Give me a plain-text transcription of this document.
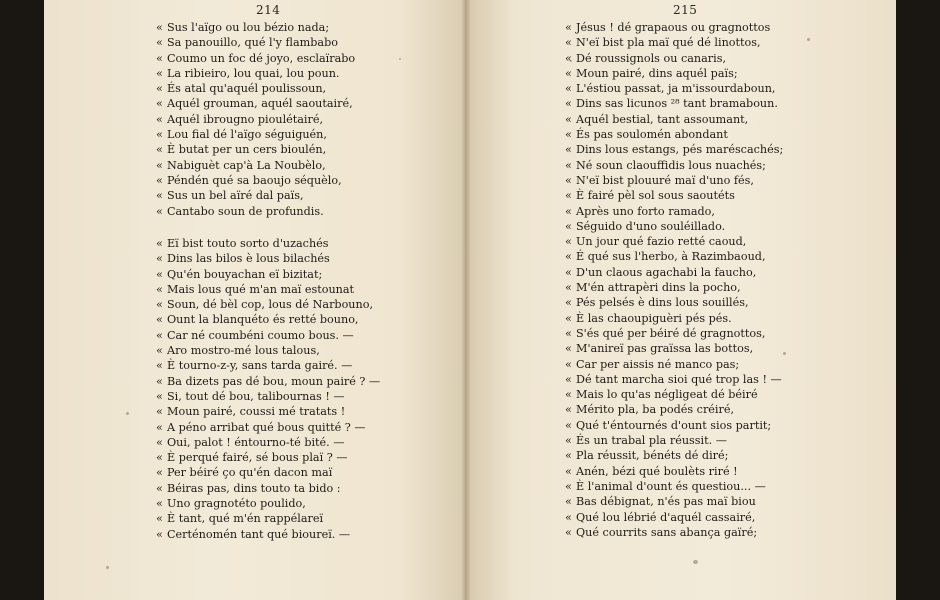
214
« Sus l'aïgo ou lou bézio nada;
« Sa panouillo, qué l'y flambabo
« Coumo un foc dé joyo, esclaïrabo
« La ribieiro, lou quai, lou poun.
« És atal qu'aquél poulissoun,
« Aquél grouman, aquél saoutairé,
« Aquél ibrougno pioulétairé,
« Lou fial dé l'aïgo séguiguén,
« È butat per un cers bioulén,
« Nabiguèt cap'à La Noubèlo,
« Péndén qué sa baoujo séquèlo,
« Sus un bel aïré dal païs,
« Cantabo soun de profundis.
« Eï bist touto sorto d'uzachés
« Dins las bilos è lous bilachés
« Qu'én bouyachan eï bizitat;
« Mais lous qué m'an maï estounat
« Soun, dé bèl cop, lous dé Narbouno,
« Ount la blanquéto és retté bouno,
« Car né coumbéni coumo bous. —
« Aro mostro-mé lous talous,
« È tourno-z-y, sans tarda gairé. —
« Ba dizets pas dé bou, moun pairé ? —
« Si, tout dé bou, talibournas ! —
« Moun pairé, coussi mé tratats !
« A péno arribat qué bous quitté ? —
« Oui, palot ! éntourno-té bité. —
« È perqué fairé, sé bous plaï ? —
« Per béiré ço qu'én dacon maï
« Béiras pas, dins touto ta bido :
« Uno gragnotéto poulido,
« È tant, qué m'én rappélareï
« Certénomén tant qué bioureï. —
215
« Jésus ! dé grapaous ou gragnottos
« N'eï bist pla maï qué dé linottos,
« Dé roussignols ou canaris,
« Moun pairé, dins aquél païs;
« L'éstiou passat, ja m'issourdaboun,
« Dins sas licunos ²⁸ tant bramaboun.
« Aquél bestial, tant assoumant,
« És pas soulomén abondant
« Dins lous estangs, pés maréscachés;
« Né soun claouffidis lous nuachés;
« N'eï bist plouuré maï d'uno fés,
« È fairé pèl sol sous saoutéts
« Après uno forto ramado,
« Séguido d'uno souléillado.
« Un jour qué fazio retté caoud,
« É qué sus l'herbo, à Razimbaoud,
« D'un claous agachabi la faucho,
« M'én attrapèri dins la pocho,
« Pés pelsés è dins lous souillés,
« È las chaoupiguèri pés pés.
« S'és qué per béiré dé gragnottos,
« M'anireï pas graïssa las bottos,
« Car per aissis né manco pas;
« Dé tant marcha sioi qué trop las ! —
« Mais lo qu'as négligeat dé béiré
« Mérito pla, ba podés créiré,
« Qué t'éntournés d'ount sios partit;
« És un trabal pla réussit. —
« Pla réussit, bénéts dé diré;
« Anén, bézi qué boulèts riré !
« È l'animal d'ount és questiou... —
« Bas débignat, n'és pas maï biou
« Qué lou lébrié d'aquél cassairé,
« Qué courrits sans abança gaïré;
